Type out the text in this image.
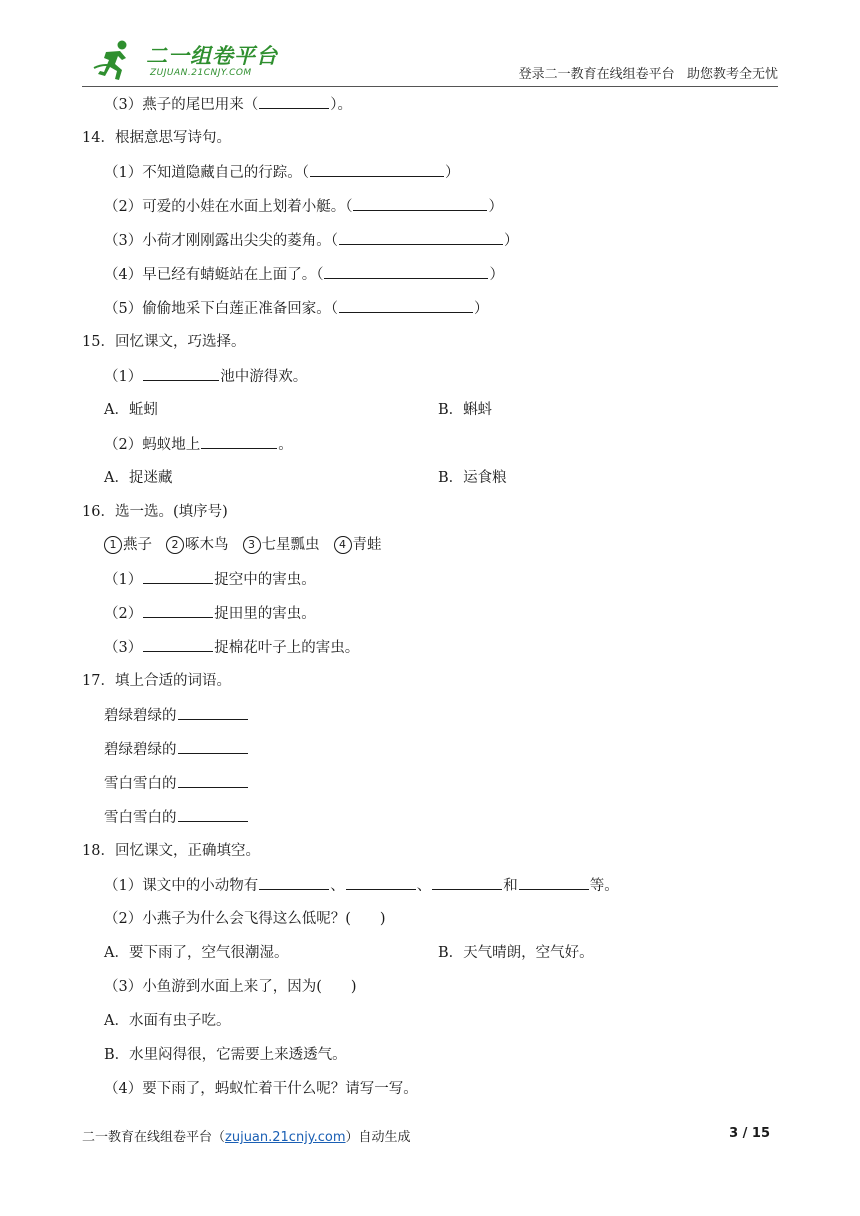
二一组卷平台
ZUJUAN.21CNJY.COM	登录二一教育在线组卷平台   助您教考全无忧
（3）燕子的尾巴用来（	）。
14．根据意思写诗句。
（1）不知道隐藏自己的行踪。（	）
（2）可爱的小娃在水面上划着小艇。（	）
（3）小荷才刚刚露出尖尖的菱角。（	）
（4）早已经有蜻蜓站在上面了。（	）
（5）偷偷地采下白莲正准备回家。（	）
15．回忆课文，巧选择。
（1）	池中游得欢。
A．蚯蚓	B．蝌蚪
（2）蚂蚁地上	。
A．捉迷藏	B．运食粮
16．选一选。(填序号)
1 燕子 2 啄木鸟 3 七星瓢虫 4 青蛙
（1）	捉空中的害虫。
（2）	捉田里的害虫。
（3）	捉棉花叶子上的害虫。
17．填上合适的词语。
碧绿碧绿的
碧绿碧绿的
雪白雪白的
雪白雪白的
18．回忆课文，正确填空。
（1）课文中的小动物有	、	、	和	等。
（2）小燕子为什么会飞得这么低呢？(　　)
A．要下雨了，空气很潮湿。	B．天气晴朗，空气好。
（3）小鱼游到水面上来了，因为(　　)
A．水面有虫子吃。
B．水里闷得很，它需要上来透透气。
（4）要下雨了，蚂蚁忙着干什么呢？请写一写。
二一教育在线组卷平台（zujuan.21cnjy.com）自动生成	3 / 15
